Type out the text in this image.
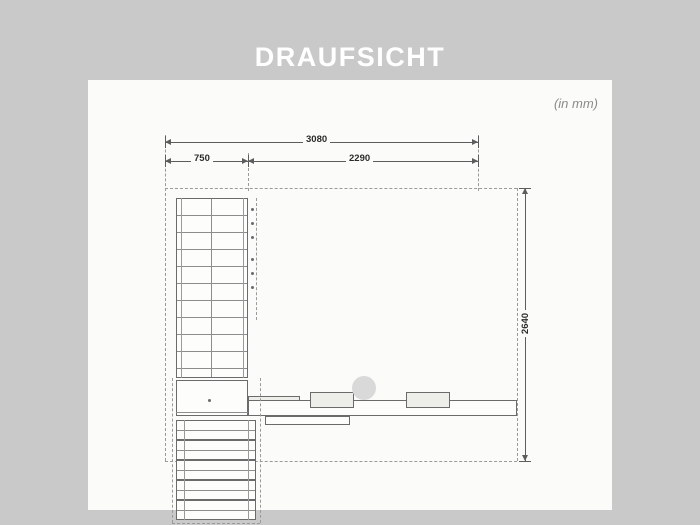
DRAUFSICHT
(in mm)
3080
750	2290
2640
